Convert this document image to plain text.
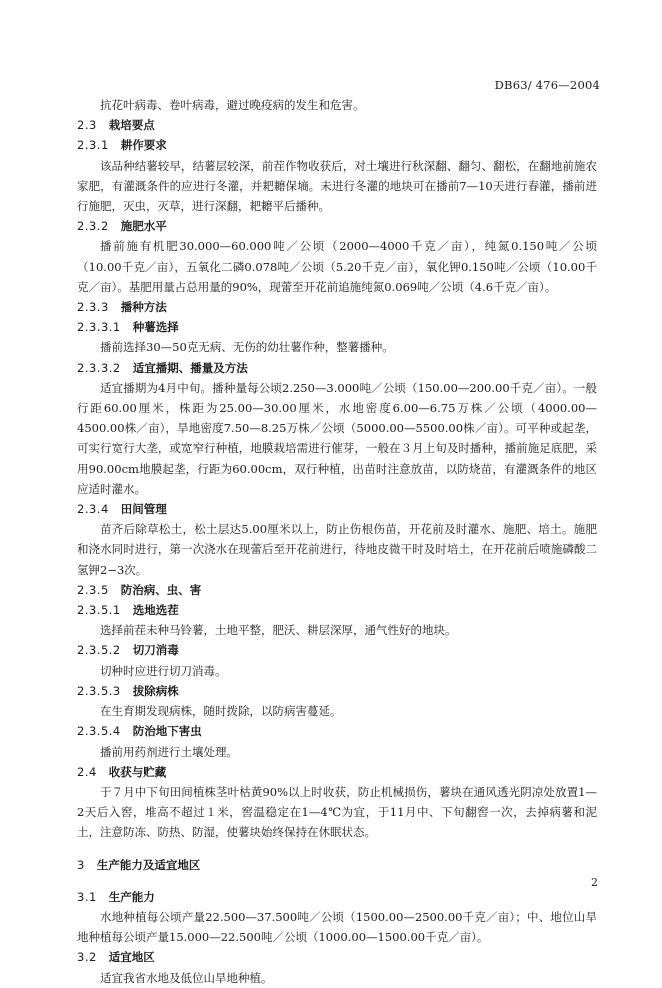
DB63/ 476—2004

抗花叶病毒、卷叶病毒，避过晚疫病的发生和危害。

2.3 栽培要点
2.3.1 耕作要求

该品种结薯较早，结薯层较深，前茬作物收获后，对土壤进行秋深翻、翻匀、翻松，在翻地前施农家肥，有灌溉条件的应进行冬灌，并耙耱保墒。未进行冬灌的地块可在播前7—10天进行春灌，播前进行施肥，灭虫，灭草，进行深翻，耙耱平后播种。

2.3.2 施肥水平

播前施有机肥30.000—60.000吨／公顷（2000—4000千克／亩），纯氮0.150吨／公顷（10.00千克／亩），五氧化二磷0.078吨／公顷（5.20千克／亩），氧化钾0.150吨／公顷（10.00千克／亩）。基肥用量占总用量的90%，现蕾至开花前追施纯氮0.069吨／公顷（4.6千克／亩）。

2.3.3 播种方法
2.3.3.1 种薯选择

播前选择30—50克无病、无伤的幼壮薯作种，整薯播种。

2.3.3.2 适宜播期、播量及方法

适宜播期为4月中旬。播种量每公顷2.250—3.000吨／公顷（150.00—200.00千克／亩）。一般行距60.00厘米，株距为25.00—30.00厘米，水地密度6.00—6.75万株／公顷（4000.00—4500.00株／亩），旱地密度7.50—8.25万株／公顷（5000.00—5500.00株／亩）。可平种或起垄，可实行宽行大垄，或宽窄行种植，地膜栽培需进行催芽，一般在３月上旬及时播种，播前施足底肥，采用90.00cm地膜起垄，行距为60.00cm，双行种植，出苗时注意放苗，以防烧苗，有灌溉条件的地区应适时灌水。

2.3.4 田间管理

苗齐后除草松土，松土层达5.00厘米以上，防止伤根伤苗，开花前及时灌水、施肥、培土。施肥和浇水同时进行，第一次浇水在现蕾后至开花前进行，待地皮微干时及时培土，在开花前后喷施磷酸二氢钾2−3次。

2.3.5 防治病、虫、害
2.3.5.1 选地选茬

选择前茬未种马铃薯，土地平整，肥沃、耕层深厚，通气性好的地块。

2.3.5.2 切刀消毒

切种时应进行切刀消毒。

2.3.5.3 拔除病株

在生育期发现病株，随时拨除，以防病害蔓延。

2.3.5.4 防治地下害虫

播前用药剂进行土壤处理。

2.4 收获与贮藏

于７月中下旬田间植株茎叶枯黄90%以上时收获，防止机械损伤，薯块在通风透光阴凉处放置1—2天后入窖，堆高不超过１米，窖温稳定在1—4℃为宜，于11月中、下旬翻窖一次，去掉病薯和泥土，注意防冻、防热、防湿，使薯块始终保持在休眠状态。

3 生产能力及适宜地区
3.1 生产能力

水地种植每公顷产量22.500—37.500吨／公顷（1500.00—2500.00千克／亩）；中、地位山旱地种植每公顷产量15.000—22.500吨／公顷（1000.00—1500.00千克／亩）。

3.2 适宜地区

适宜我省水地及低位山旱地种植。

2
